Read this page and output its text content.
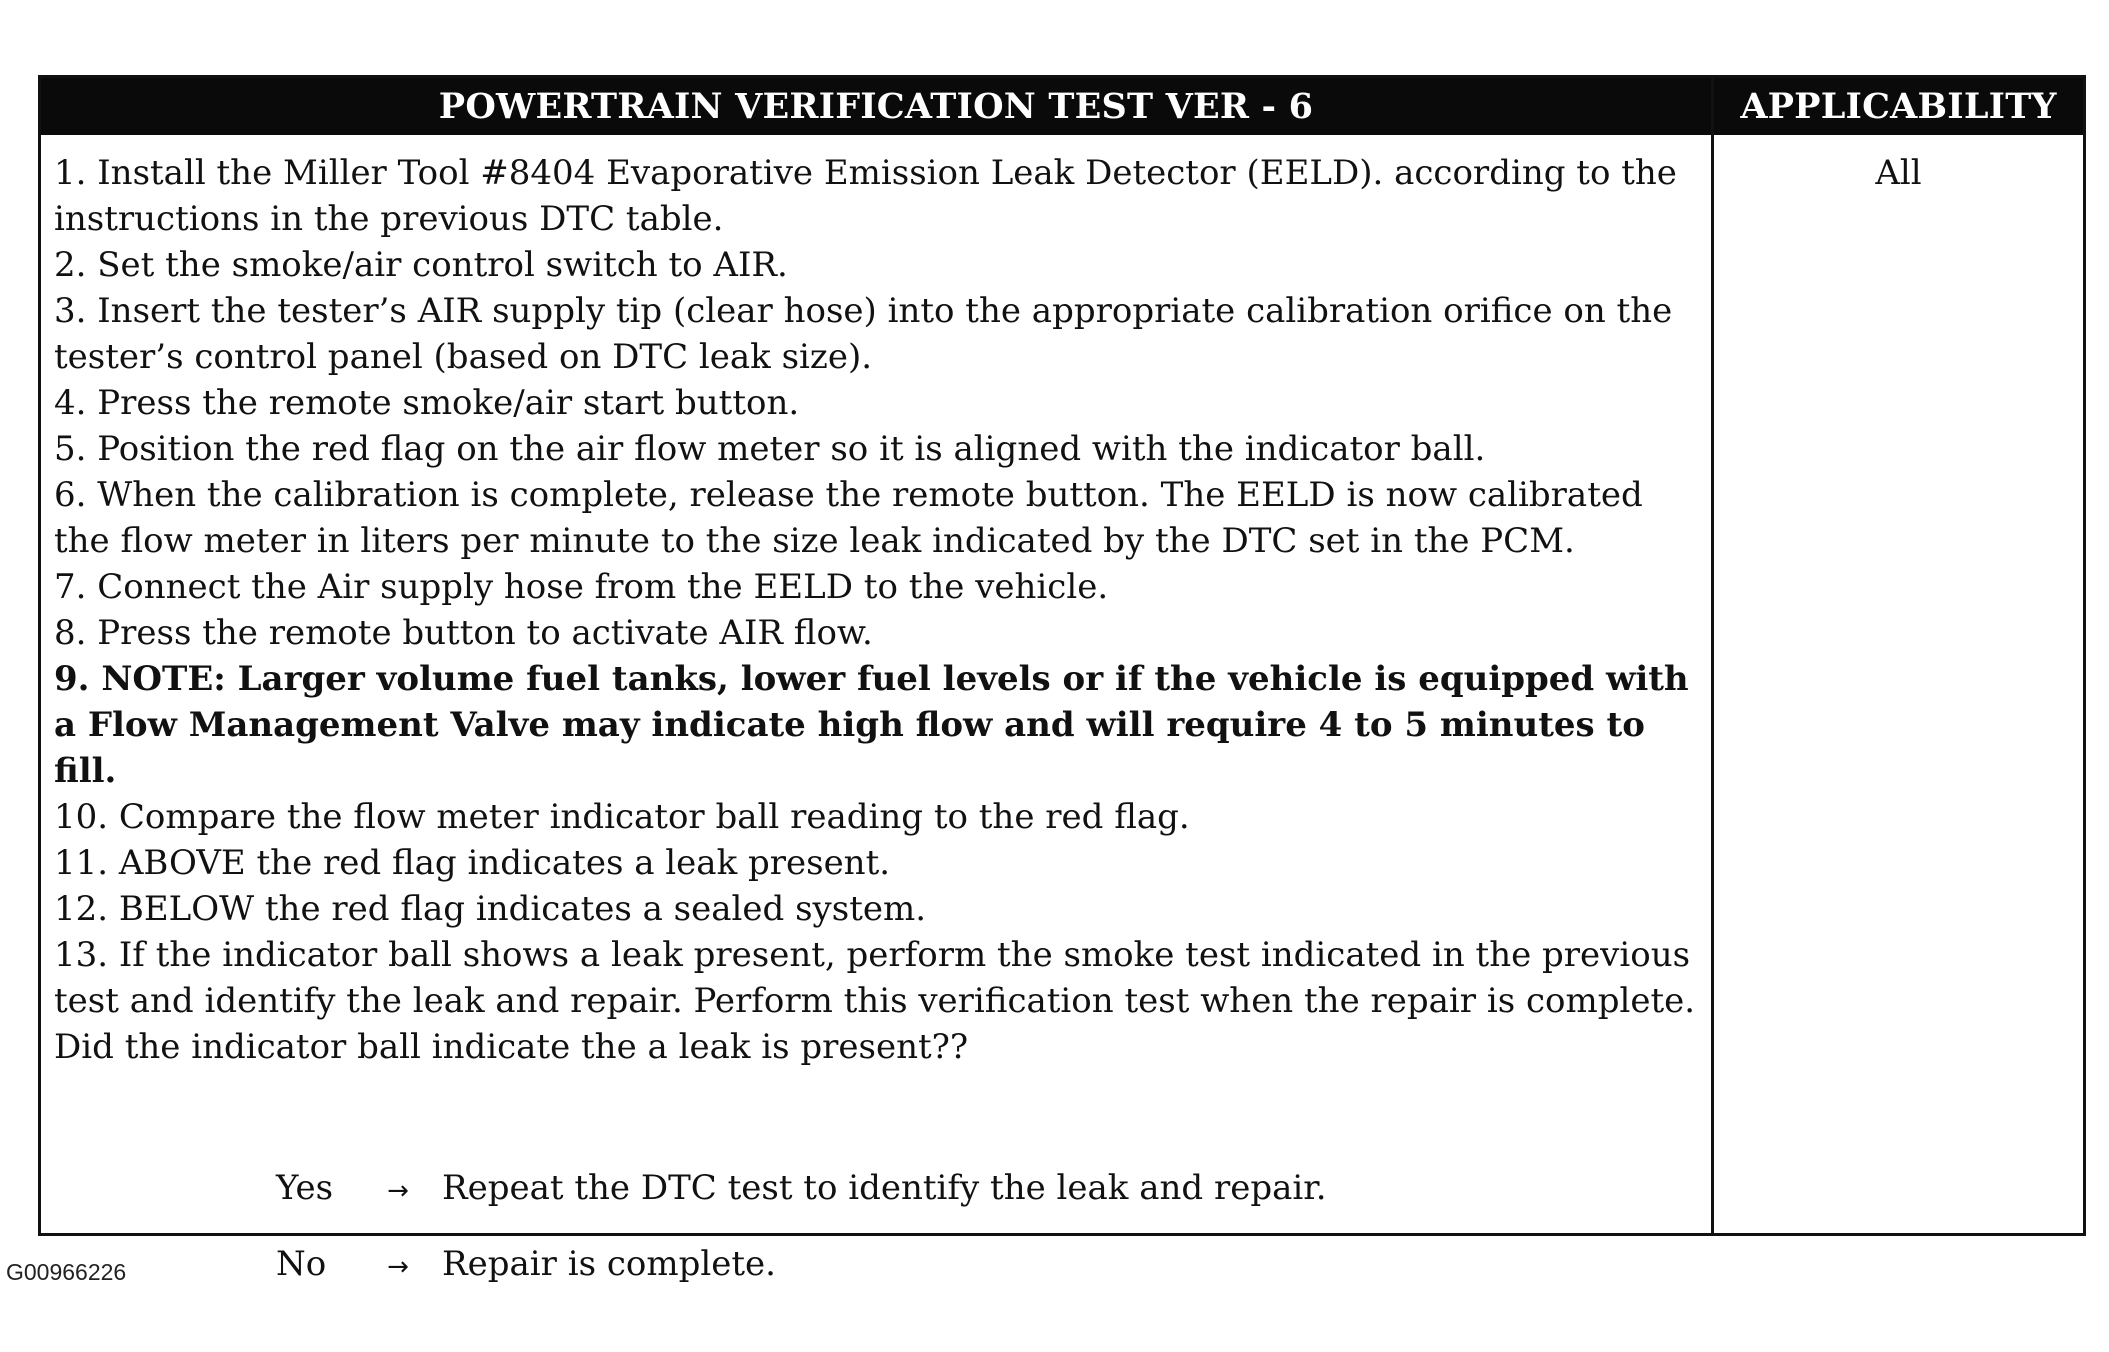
POWERTRAIN VERIFICATION TEST VER - 6	APPLICABILITY
1. Install the Miller Tool #8404 Evaporative Emission Leak Detector (EELD). according to the instructions in the previous DTC table.
2. Set the smoke/air control switch to AIR.
3. Insert the tester’s AIR supply tip (clear hose) into the appropriate calibration orifice on the tester’s control panel (based on DTC leak size).
4. Press the remote smoke/air start button.
5. Position the red flag on the air flow meter so it is aligned with the indicator ball.
6. When the calibration is complete, release the remote button. The EELD is now calibrated the flow meter in liters per minute to the size leak indicated by the DTC set in the PCM.
7. Connect the Air supply hose from the EELD to the vehicle.
8. Press the remote button to activate AIR flow.
9. NOTE: Larger volume fuel tanks, lower fuel levels or if the vehicle is equipped with a Flow Management Valve may indicate high flow and will require 4 to 5 minutes to fill.
10. Compare the flow meter indicator ball reading to the red flag.
11. ABOVE the red flag indicates a leak present.
12. BELOW the red flag indicates a sealed system.
13. If the indicator ball shows a leak present, perform the smoke test indicated in the previous test and identify the leak and repair. Perform this verification test when the repair is complete. Did the indicator ball indicate the a leak is present??
Yes → Repeat the DTC test to identify the leak and repair.
No → Repair is complete.
All
G00966226
